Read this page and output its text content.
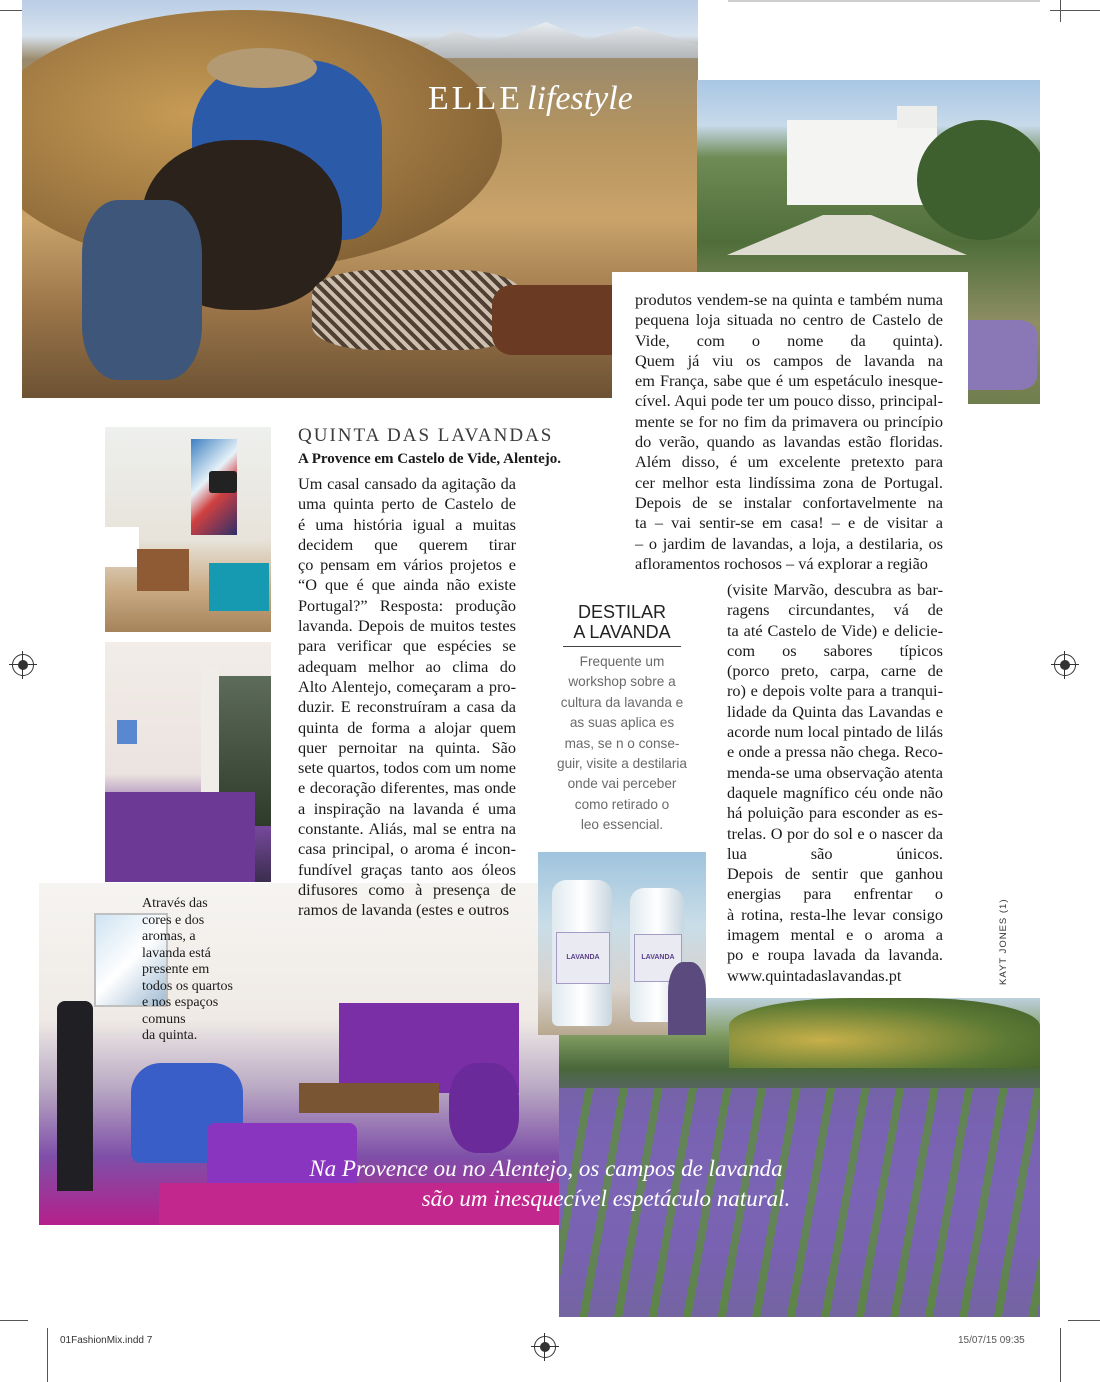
ELLE lifestyle
Através das
cores e dos
aromas, a
lavanda está
presente em
todos os quartos
e nos espaços
comuns
da quinta.
Na Provence ou no Alentejo, os campos de lavanda
são um inesquecível espetáculo natural.
LAVANDA	LAVANDA
QUINTA DAS LAVANDAS
A Provence em Castelo de Vide, Alentejo.
Um casal cansado da agitação da
uma quinta perto de Castelo de
é uma história igual a muitas
decidem que querem tirar
ço pensam em vários projetos e
“O que é que ainda não existe
Portugal?” Resposta: produção
lavanda. Depois de muitos testes
para verificar que espécies se
adequam melhor ao clima do
Alto Alentejo, começaram a pro-
duzir. E reconstruíram a casa da
quinta de forma a alojar quem
quer pernoitar na quinta. São
sete quartos, todos com um nome
e decoração diferentes, mas onde
a inspiração na lavanda é uma
constante. Aliás, mal se entra na
casa principal, o aroma é incon-
fundível graças tanto aos óleos
difusores como à presença de
ramos de lavanda (estes e outros
produtos vendem-se na quinta e também numa
pequena loja situada no centro de Castelo de
Vide, com o nome da quinta).
Quem já viu os campos de lavanda na
em França, sabe que é um espetáculo inesque-
cível. Aqui pode ter um pouco disso, principal-
mente se for no fim da primavera ou princípio
do verão, quando as lavandas estão floridas.
Além disso, é um excelente pretexto para
cer melhor esta lindíssima zona de Portugal.
Depois de se instalar confortavelmente na
ta – vai sentir-se em casa! – e de visitar a
– o jardim de lavandas, a loja, a destilaria, os
afloramentos rochosos – vá explorar a região
(visite Marvão, descubra as bar-
ragens circundantes, vá de
ta até Castelo de Vide) e delicie-
com os sabores típicos
(porco preto, carpa, carne de
ro) e depois volte para a tranqui-
lidade da Quinta das Lavandas e
acorde num local pintado de lilás
e onde a pressa não chega. Reco-
menda-se uma observação atenta
daquele magnífico céu onde não
há poluição para esconder as es-
trelas. O por do sol e o nascer da
lua são únicos.
Depois de sentir que ganhou
energias para enfrentar o
à rotina, resta-lhe levar consigo
imagem mental e o aroma a
po e roupa lavada da lavanda.
www.quintadaslavandas.pt
DESTILAR
A LAVANDA
Frequente um
workshop sobre a
cultura da lavanda e
as suas aplica es
mas, se n o conse-
guir, visite a destilaria
onde vai perceber
como retirado o
leo essencial.
KAYT JONES (1)
01FashionMix.indd 7	15/07/15 09:35
